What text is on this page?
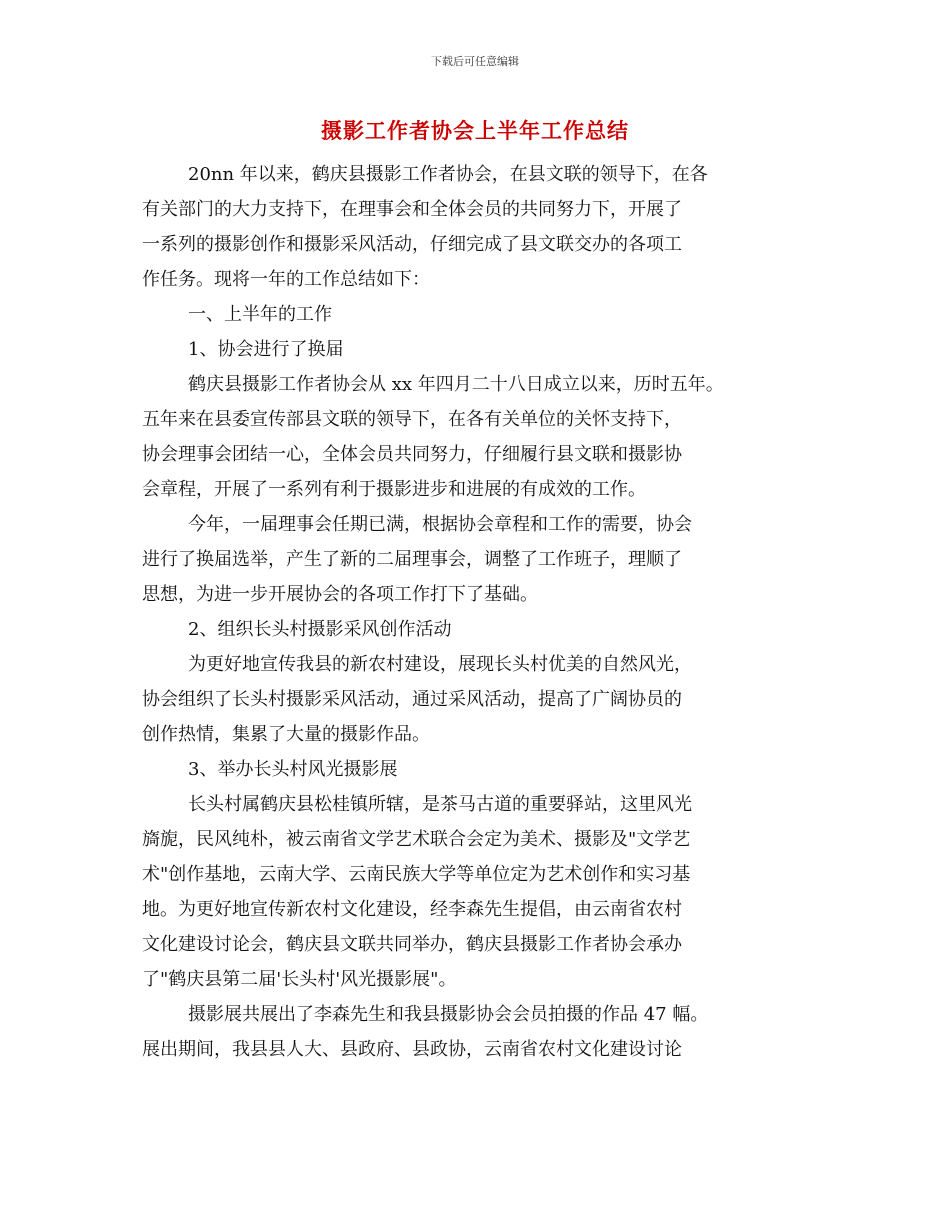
下载后可任意编辑
摄影工作者协会上半年工作总结
20nn 年以来，鹤庆县摄影工作者协会，在县文联的领导下，在各
有关部门的大力支持下，在理事会和全体会员的共同努力下，开展了
一系列的摄影创作和摄影采风活动，仔细完成了县文联交办的各项工
作任务。现将一年的工作总结如下：
一、上半年的工作
1、协会进行了换届
鹤庆县摄影工作者协会从 xx 年四月二十八日成立以来，历时五年。
五年来在县委宣传部县文联的领导下，在各有关单位的关怀支持下，
协会理事会团结一心，全体会员共同努力，仔细履行县文联和摄影协
会章程，开展了一系列有利于摄影进步和进展的有成效的工作。
今年，一届理事会任期已满，根据协会章程和工作的需要，协会
进行了换届选举，产生了新的二届理事会，调整了工作班子，理顺了
思想，为进一步开展协会的各项工作打下了基础。
2、组织长头村摄影采风创作活动
为更好地宣传我县的新农村建设，展现长头村优美的自然风光，
协会组织了长头村摄影采风活动，通过采风活动，提高了广阔协员的
创作热情，集累了大量的摄影作品。
3、举办长头村风光摄影展
长头村属鹤庆县松桂镇所辖，是茶马古道的重要驿站，这里风光
旖旎，民风纯朴，被云南省文学艺术联合会定为美术、摄影及"文学艺
术"创作基地，云南大学、云南民族大学等单位定为艺术创作和实习基
地。为更好地宣传新农村文化建设，经李森先生提倡，由云南省农村
文化建设讨论会，鹤庆县文联共同举办，鹤庆县摄影工作者协会承办
了"鹤庆县第二届'长头村'风光摄影展"。
摄影展共展出了李森先生和我县摄影协会会员拍摄的作品 47 幅。
展出期间，我县县人大、县政府、县政协，云南省农村文化建设讨论
